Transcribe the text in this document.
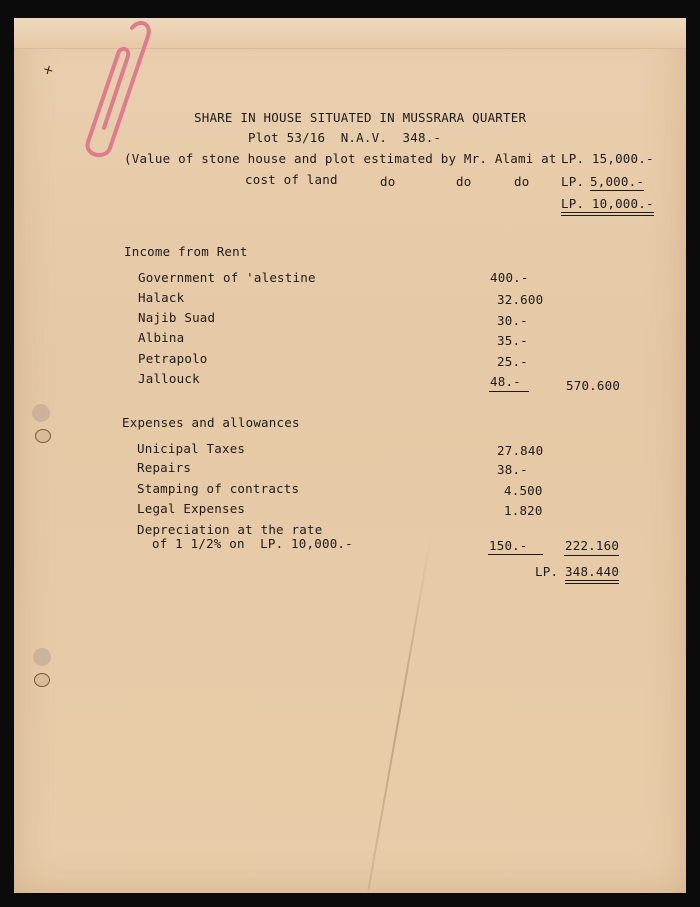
✕
SHARE IN HOUSE SITUATED IN MUSSRARA QUARTER
Plot 53/16  N.A.V.  348.-
(Value of stone house and plot estimated by Mr. Alami at LP. 15,000.-
cost of land	do	do	do	LP. 5,000.-
LP. 10,000.-
Income from Rent
Government of 'alestine	400.-
Halack	32.600
Najib Suad	30.-
Albina	35.-
Petrapolo	25.-
Jallouck	48.-	570.600
Expenses and allowances
Unicipal Taxes	27.840
Repairs	38.-
Stamping of contracts	4.500
Legal Expenses	1.820
Depreciation at the rate
of 1 1/2% on  LP. 10,000.-	150.-	222.160
LP. 348.440
